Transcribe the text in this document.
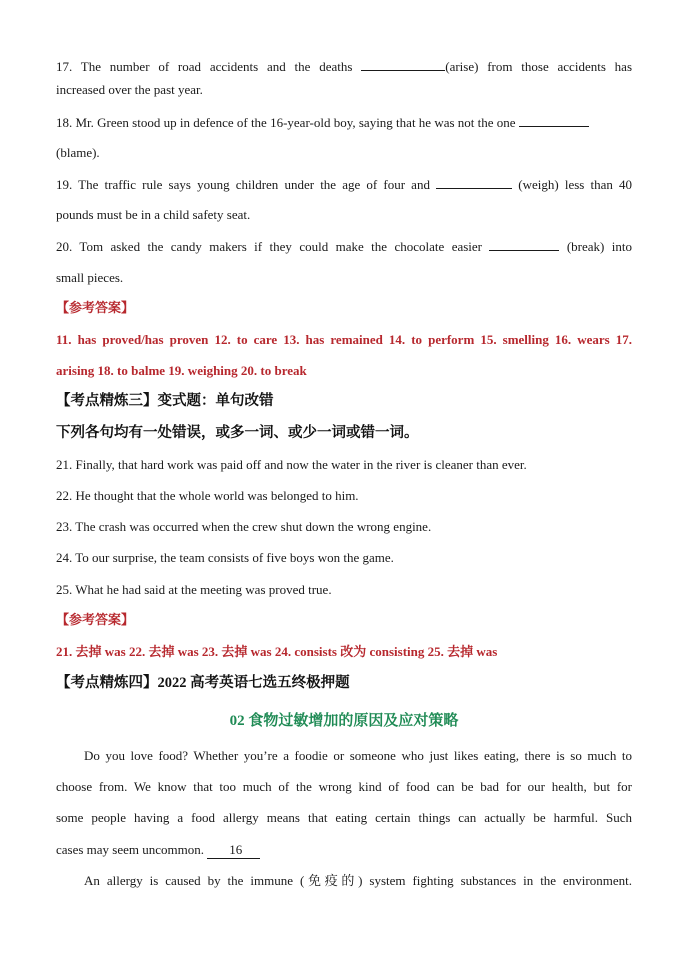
17. The number of road accidents and the deaths	(arise) from those accidents has
increased over the past year.
18. Mr. Green stood up in defence of the 16-year-old boy, saying that he was not the one
(blame).
19. The traffic rule says young children under the age of four and	(weigh) less than 40
pounds must be in a child safety seat.
20. Tom asked the candy makers if they could make the chocolate easier	(break) into
small pieces.
【参考答案】
11. has proved/has proven 12. to care 13. has remained 14. to perform 15. smelling 16. wears 17.
arising 18. to balme 19. weighing 20. to break
【考点精炼三】变式题：单句改错
下列各句均有一处错误，或多一词、或少一词或错一词。
21. Finally, that hard work was paid off and now the water in the river is cleaner than ever.
22. He thought that the whole world was belonged to him.
23. The crash was occurred when the crew shut down the wrong engine.
24. To our surprise, the team consists of five boys won the game.
25. What he had said at the meeting was proved true.
【参考答案】
21. 去掉 was 22. 去掉 was 23. 去掉 was 24. consists 改为 consisting 25. 去掉 was
【考点精炼四】2022 高考英语七选五终极押题
02 食物过敏增加的原因及应对策略
Do you love food? Whether you’re a foodie or someone who just likes eating, there is so much to
choose from. We know that too much of the wrong kind of food can be bad for our health, but for
some people having a food allergy means that eating certain things can actually be harmful. Such
cases may seem uncommon. 16
An allergy is caused by the immune (免疫的) system fighting substances in the environment.
